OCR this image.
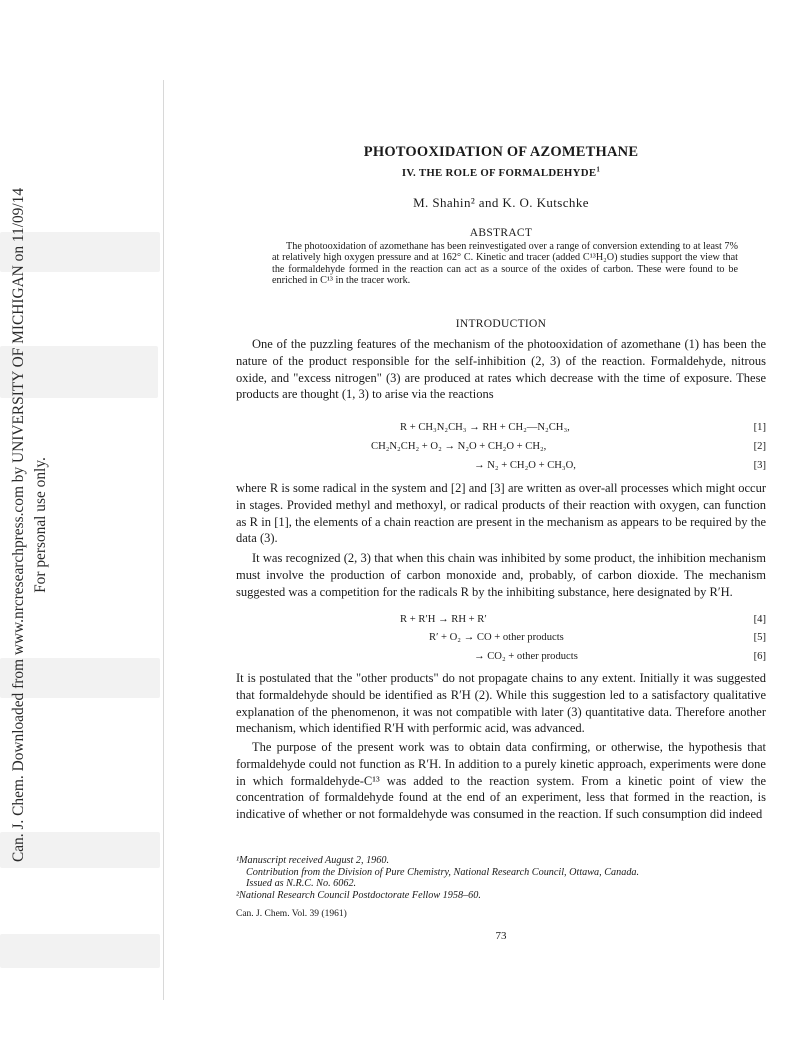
Can. J. Chem. Downloaded from www.nrcresearchpress.com by UNIVERSITY OF MICHIGAN on 11/09/14 For personal use only.
PHOTOOXIDATION OF AZOMETHANE
IV. THE ROLE OF FORMALDEHYDE$^1$
M. Shahin² and K. O. Kutschke
ABSTRACT

The photooxidation of azomethane has been reinvestigated over a range of conversion extending to at least 7% at relatively high oxygen pressure and at 162° C. Kinetic and tracer (added C¹³H₂O) studies support the view that the formaldehyde formed in the reaction can act as a source of the oxides of carbon. These were found to be enriched in C¹³ in the tracer work.

INTRODUCTION

One of the puzzling features of the mechanism of the photooxidation of azomethane (1) has been the nature of the product responsible for the self-inhibition (2, 3) of the reaction. Formaldehyde, nitrous oxide, and "excess nitrogen" (3) are produced at rates which decrease with the time of exposure. These products are thought (1, 3) to arise via the reactions

R + CH₃N₂CH₃ → RH + CH₂—N₂CH₃,	[1]
CH₂N₂CH₂ + O₂ → N₂O + CH₂O + CH₂,	[2]
→ N₂ + CH₂O + CH₃O,	[3]

where R is some radical in the system and [2] and [3] are written as over-all processes which might occur in stages. Provided methyl and methoxyl, or radical products of their reaction with oxygen, can function as R in [1], the elements of a chain reaction are present in the mechanism as appears to be required by the data (3).

It was recognized (2, 3) that when this chain was inhibited by some product, the inhibition mechanism must involve the production of carbon monoxide and, probably, of carbon dioxide. The mechanism suggested was a competition for the radicals R by the inhibiting substance, here designated by R′H.

R + R′H → RH + R′	[4]
R′ + O₂ → CO + other products	[5]
→ CO₂ + other products	[6]

It is postulated that the "other products" do not propagate chains to any extent. Initially it was suggested that formaldehyde should be identified as R′H (2). While this suggestion led to a satisfactory qualitative explanation of the phenomenon, it was not compatible with later (3) quantitative data. Therefore another mechanism, which identified R′H with performic acid, was advanced.

The purpose of the present work was to obtain data confirming, or otherwise, the hypothesis that formaldehyde could not function as R′H. In addition to a purely kinetic approach, experiments were done in which formaldehyde-C¹³ was added to the reaction system. From a kinetic point of view the concentration of formaldehyde found at the end of an experiment, less that formed in the reaction, is indicative of whether or not formaldehyde was consumed in the reaction. If such consumption did indeed

¹Manuscript received August 2, 1960.
Contribution from the Division of Pure Chemistry, National Research Council, Ottawa, Canada.
Issued as N.R.C. No. 6062.
²National Research Council Postdoctorate Fellow 1958–60.
Can. J. Chem. Vol. 39 (1961)
73
